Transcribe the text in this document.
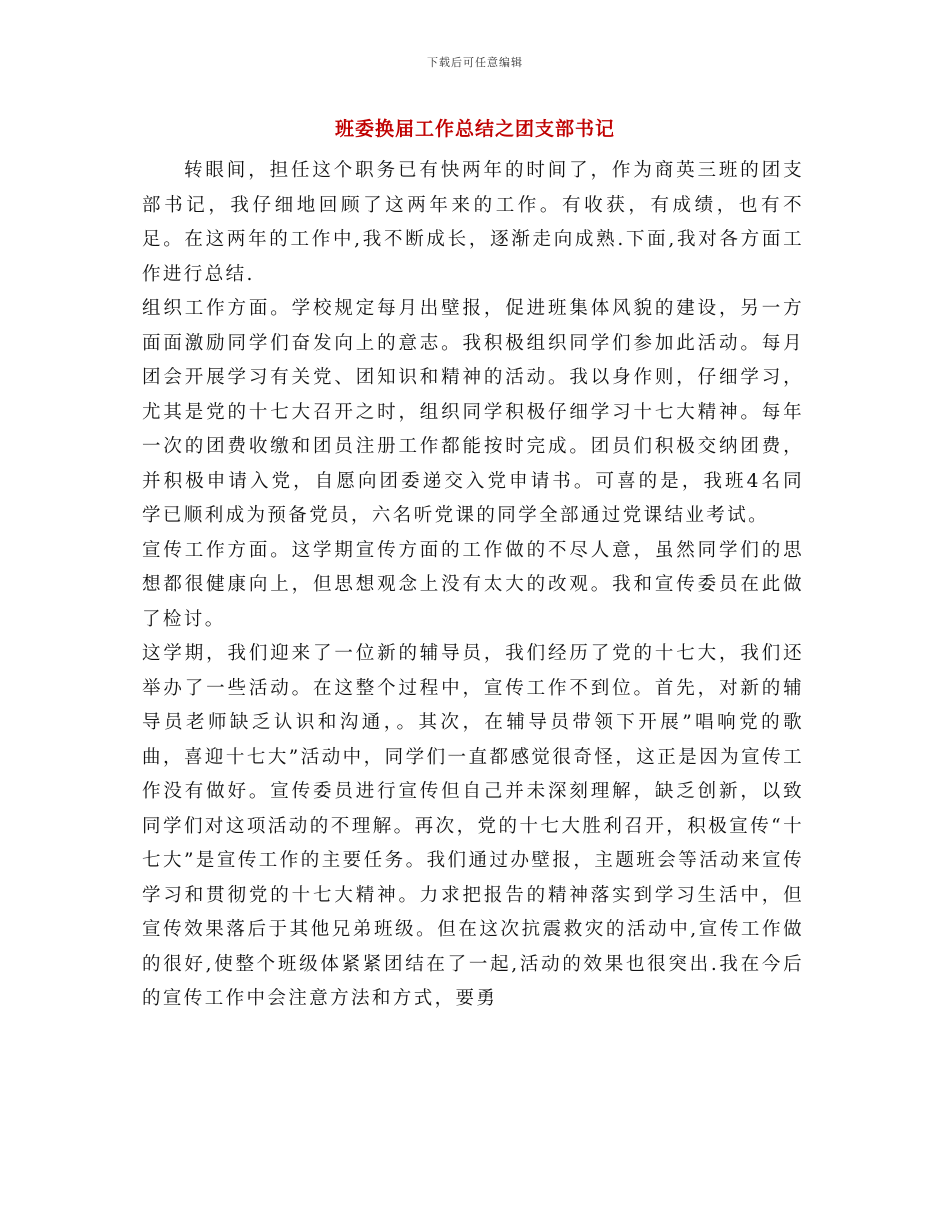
下载后可任意编辑
班委换届工作总结之团支部书记

转眼间，担任这个职务已有快两年的时间了，作为商英三班的团支部书记，我仔细地回顾了这两年来的工作。有收获，有成绩，也有不足。在这两年的工作中,我不断成长，逐渐走向成熟.下面,我对各方面工作进行总结.

组织工作方面。学校规定每月出壁报，促进班集体风貌的建设，另一方面面激励同学们奋发向上的意志。我积极组织同学们参加此活动。每月团会开展学习有关党、团知识和精神的活动。我以身作则，仔细学习，尤其是党的十七大召开之时，组织同学积极仔细学习十七大精神。每年一次的团费收缴和团员注册工作都能按时完成。团员们积极交纳团费，并积极申请入党，自愿向团委递交入党申请书。可喜的是，我班4名同学已顺利成为预备党员，六名听党课的同学全部通过党课结业考试。

宣传工作方面。这学期宣传方面的工作做的不尽人意，虽然同学们的思想都很健康向上，但思想观念上没有太大的改观。我和宣传委员在此做了检讨。

这学期，我们迎来了一位新的辅导员，我们经历了党的十七大，我们还举办了一些活动。在这整个过程中，宣传工作不到位。首先，对新的辅导员老师缺乏认识和沟通，。其次，在辅导员带领下开展”唱响党的歌曲，喜迎十七大”活动中，同学们一直都感觉很奇怪，这正是因为宣传工作没有做好。宣传委员进行宣传但自己并未深刻理解，缺乏创新，以致同学们对这项活动的不理解。再次，党的十七大胜利召开，积极宣传“十七大”是宣传工作的主要任务。我们通过办壁报，主题班会等活动来宣传学习和贯彻党的十七大精神。力求把报告的精神落实到学习生活中，但宣传效果落后于其他兄弟班级。但在这次抗震救灾的活动中,宣传工作做的很好,使整个班级体紧紧团结在了一起,活动的效果也很突出.我在今后的宣传工作中会注意方法和方式，要勇
